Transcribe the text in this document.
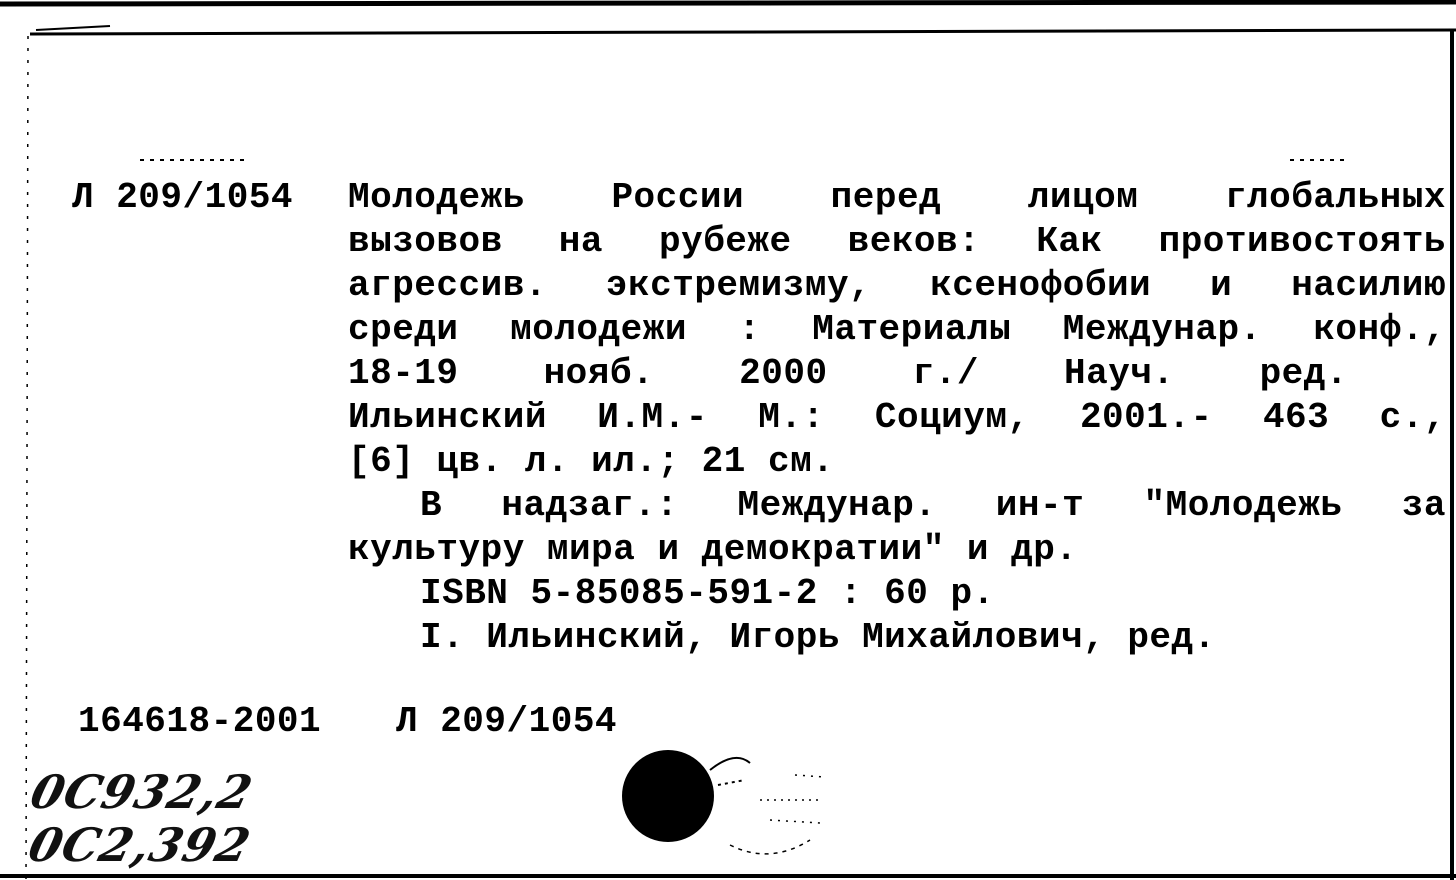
Л 209/1054 Молодежь России перед лицом глобальных
вызовов на рубеже веков: Как противостоять
агрессив. экстремизму, ксенофобии и насилию
среди молодежи : Материалы Междунар. конф.,
18-19 нояб. 2000 г./ Науч. ред.
Ильинский И.М.- М.: Социум, 2001.- 463 с.,
[6] цв. л. ил.; 21 см.
В надзаг.: Междунар. ин-т "Молодежь за
культуру мира и демократии" и др.
ISBN 5-85085-591-2 : 60 р.
I. Ильинский, Игорь Михайлович, ред.
164618-2001 Л 209/1054
0С932,2
0С2,392
